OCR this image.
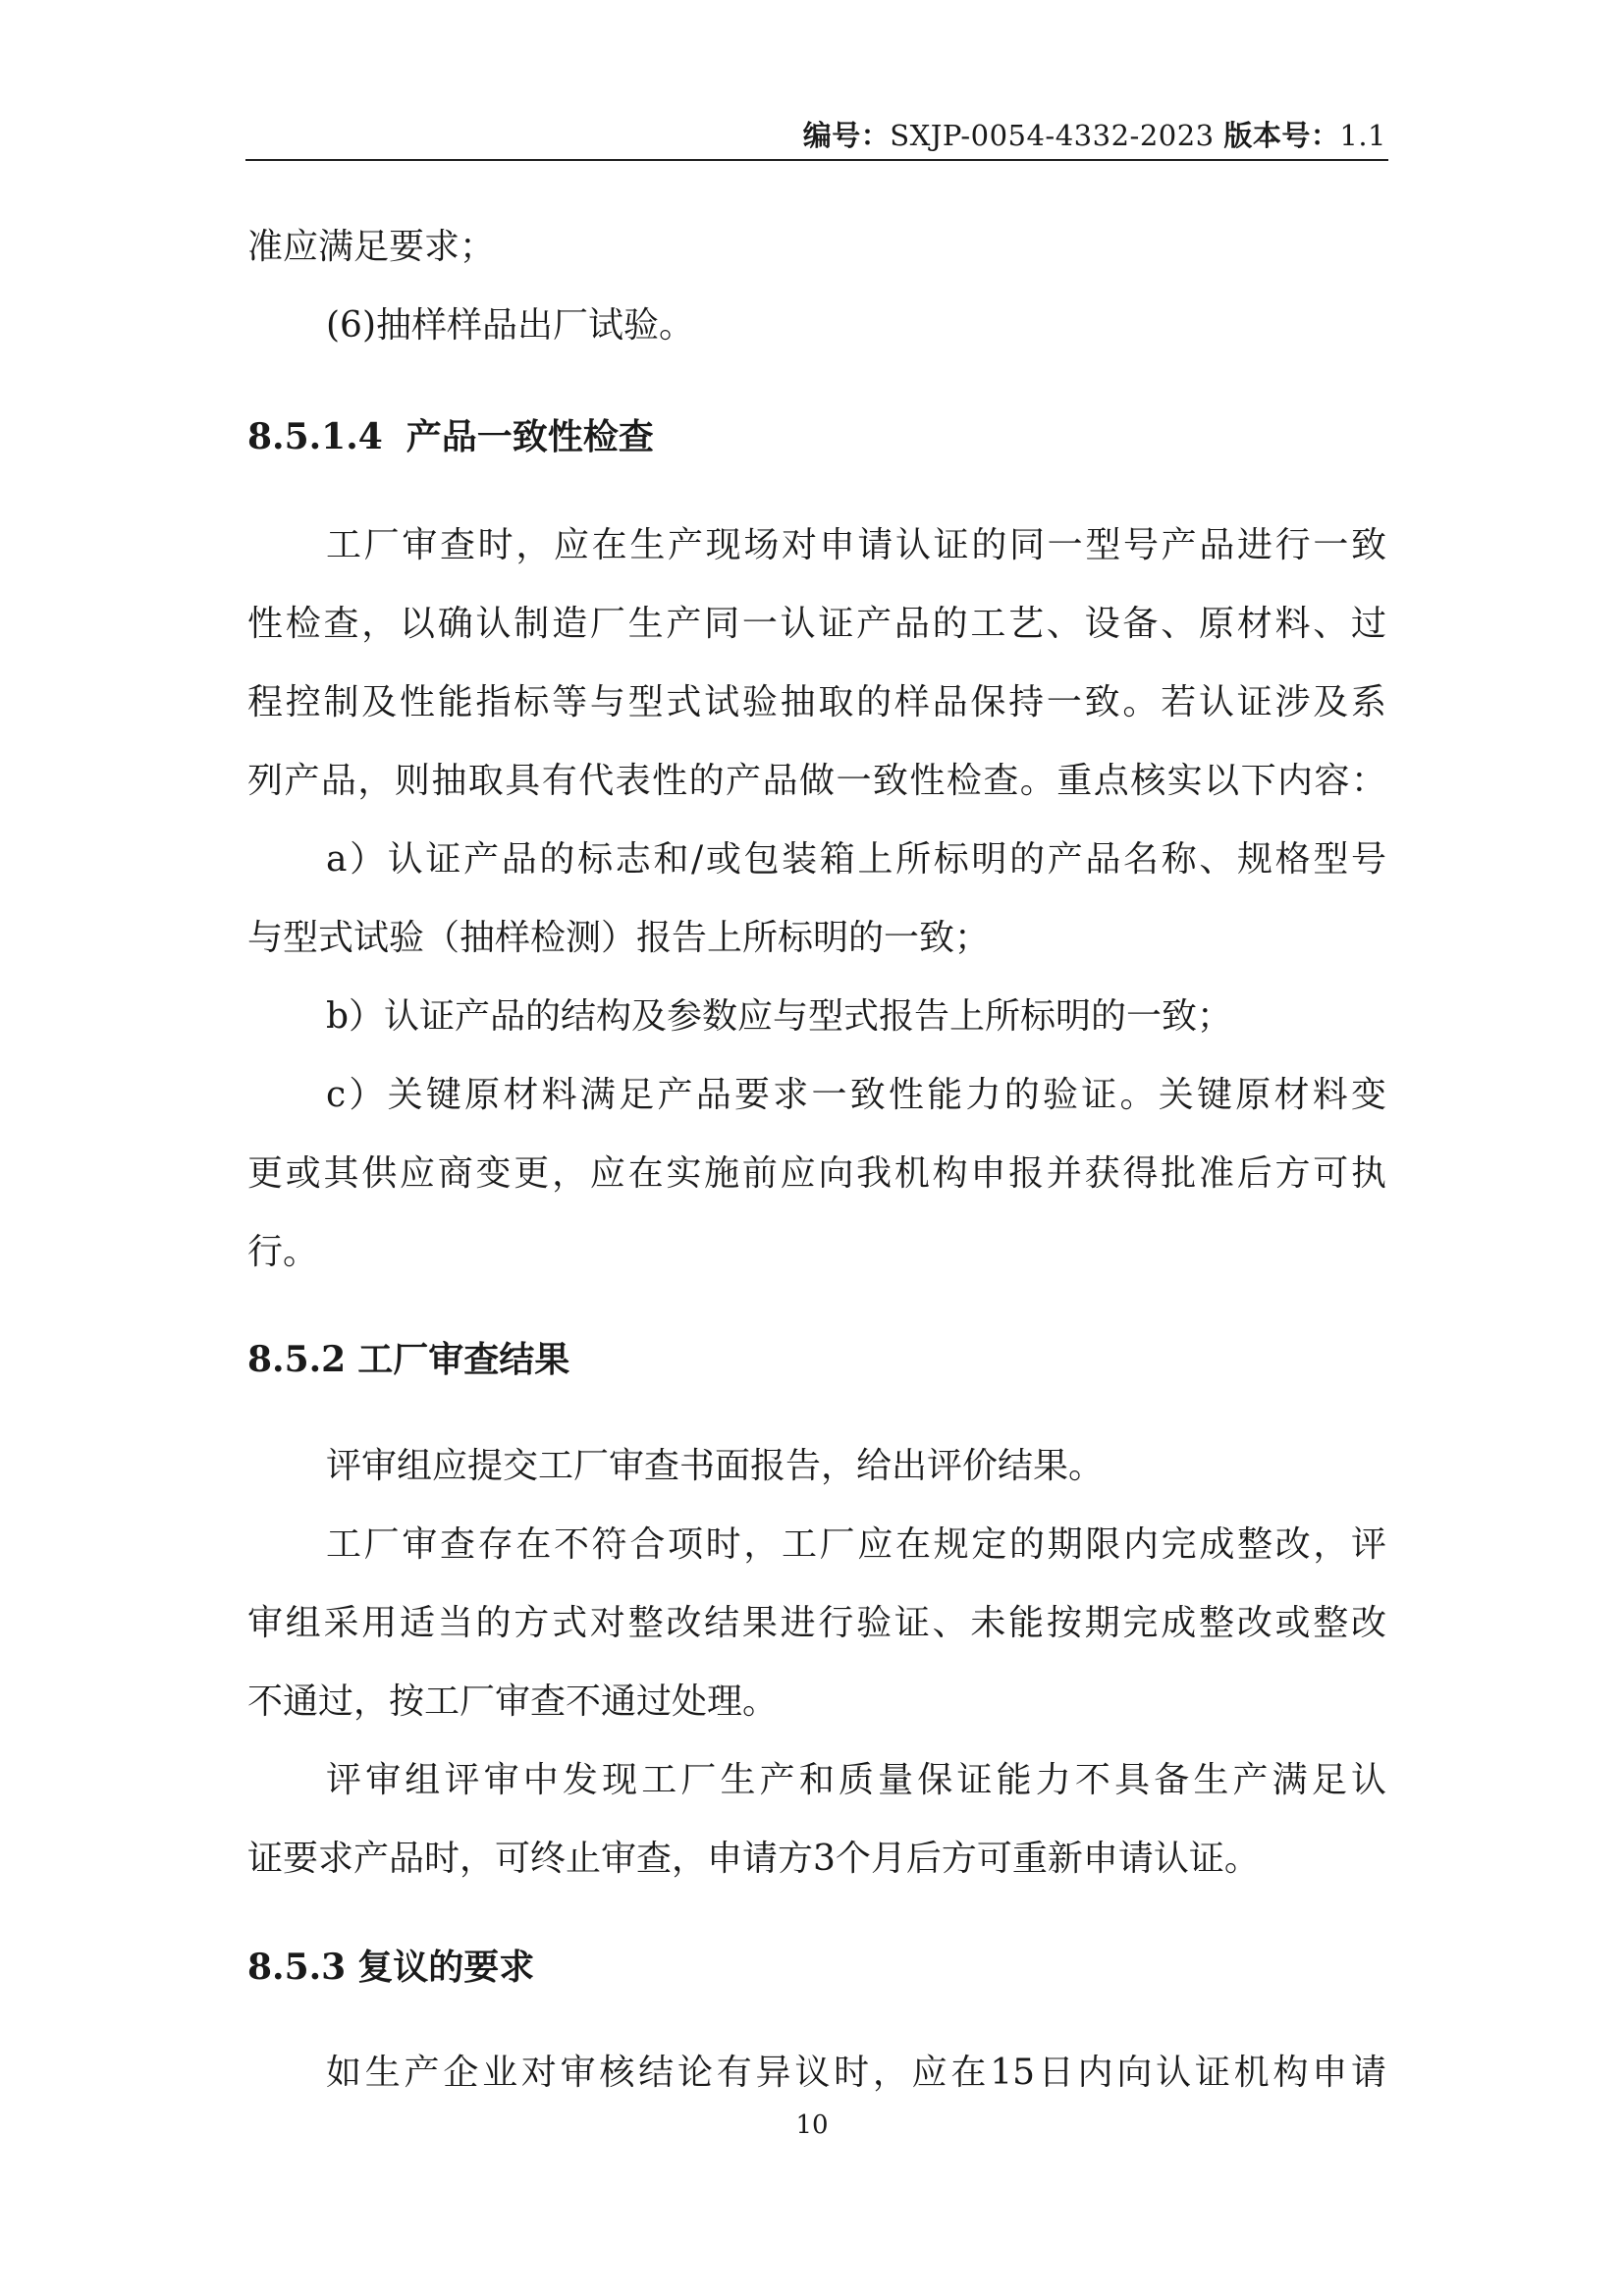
编号：SXJP-0054-4332-2023 版本号：1.1
准应满足要求；
(6)抽样样品出厂试验。
8.5.1.4 产品一致性检查
工厂审查时，应在生产现场对申请认证的同一型号产品进行一致
性检查，以确认制造厂生产同一认证产品的工艺、设备、原材料、过
程控制及性能指标等与型式试验抽取的样品保持一致。若认证涉及系
列产品，则抽取具有代表性的产品做一致性检查。重点核实以下内容：
a）认证产品的标志和/或包装箱上所标明的产品名称、规格型号
与型式试验（抽样检测）报告上所标明的一致；
b）认证产品的结构及参数应与型式报告上所标明的一致；
c）关键原材料满足产品要求一致性能力的验证。关键原材料变
更或其供应商变更，应在实施前应向我机构申报并获得批准后方可执
行。
8.5.2 工厂审查结果
评审组应提交工厂审查书面报告，给出评价结果。
工厂审查存在不符合项时，工厂应在规定的期限内完成整改，评
审组采用适当的方式对整改结果进行验证、未能按期完成整改或整改
不通过，按工厂审查不通过处理。
评审组评审中发现工厂生产和质量保证能力不具备生产满足认
证要求产品时，可终止审查，申请方3个月后方可重新申请认证。
8.5.3 复议的要求
如生产企业对审核结论有异议时，应在15日内向认证机构申请
10
